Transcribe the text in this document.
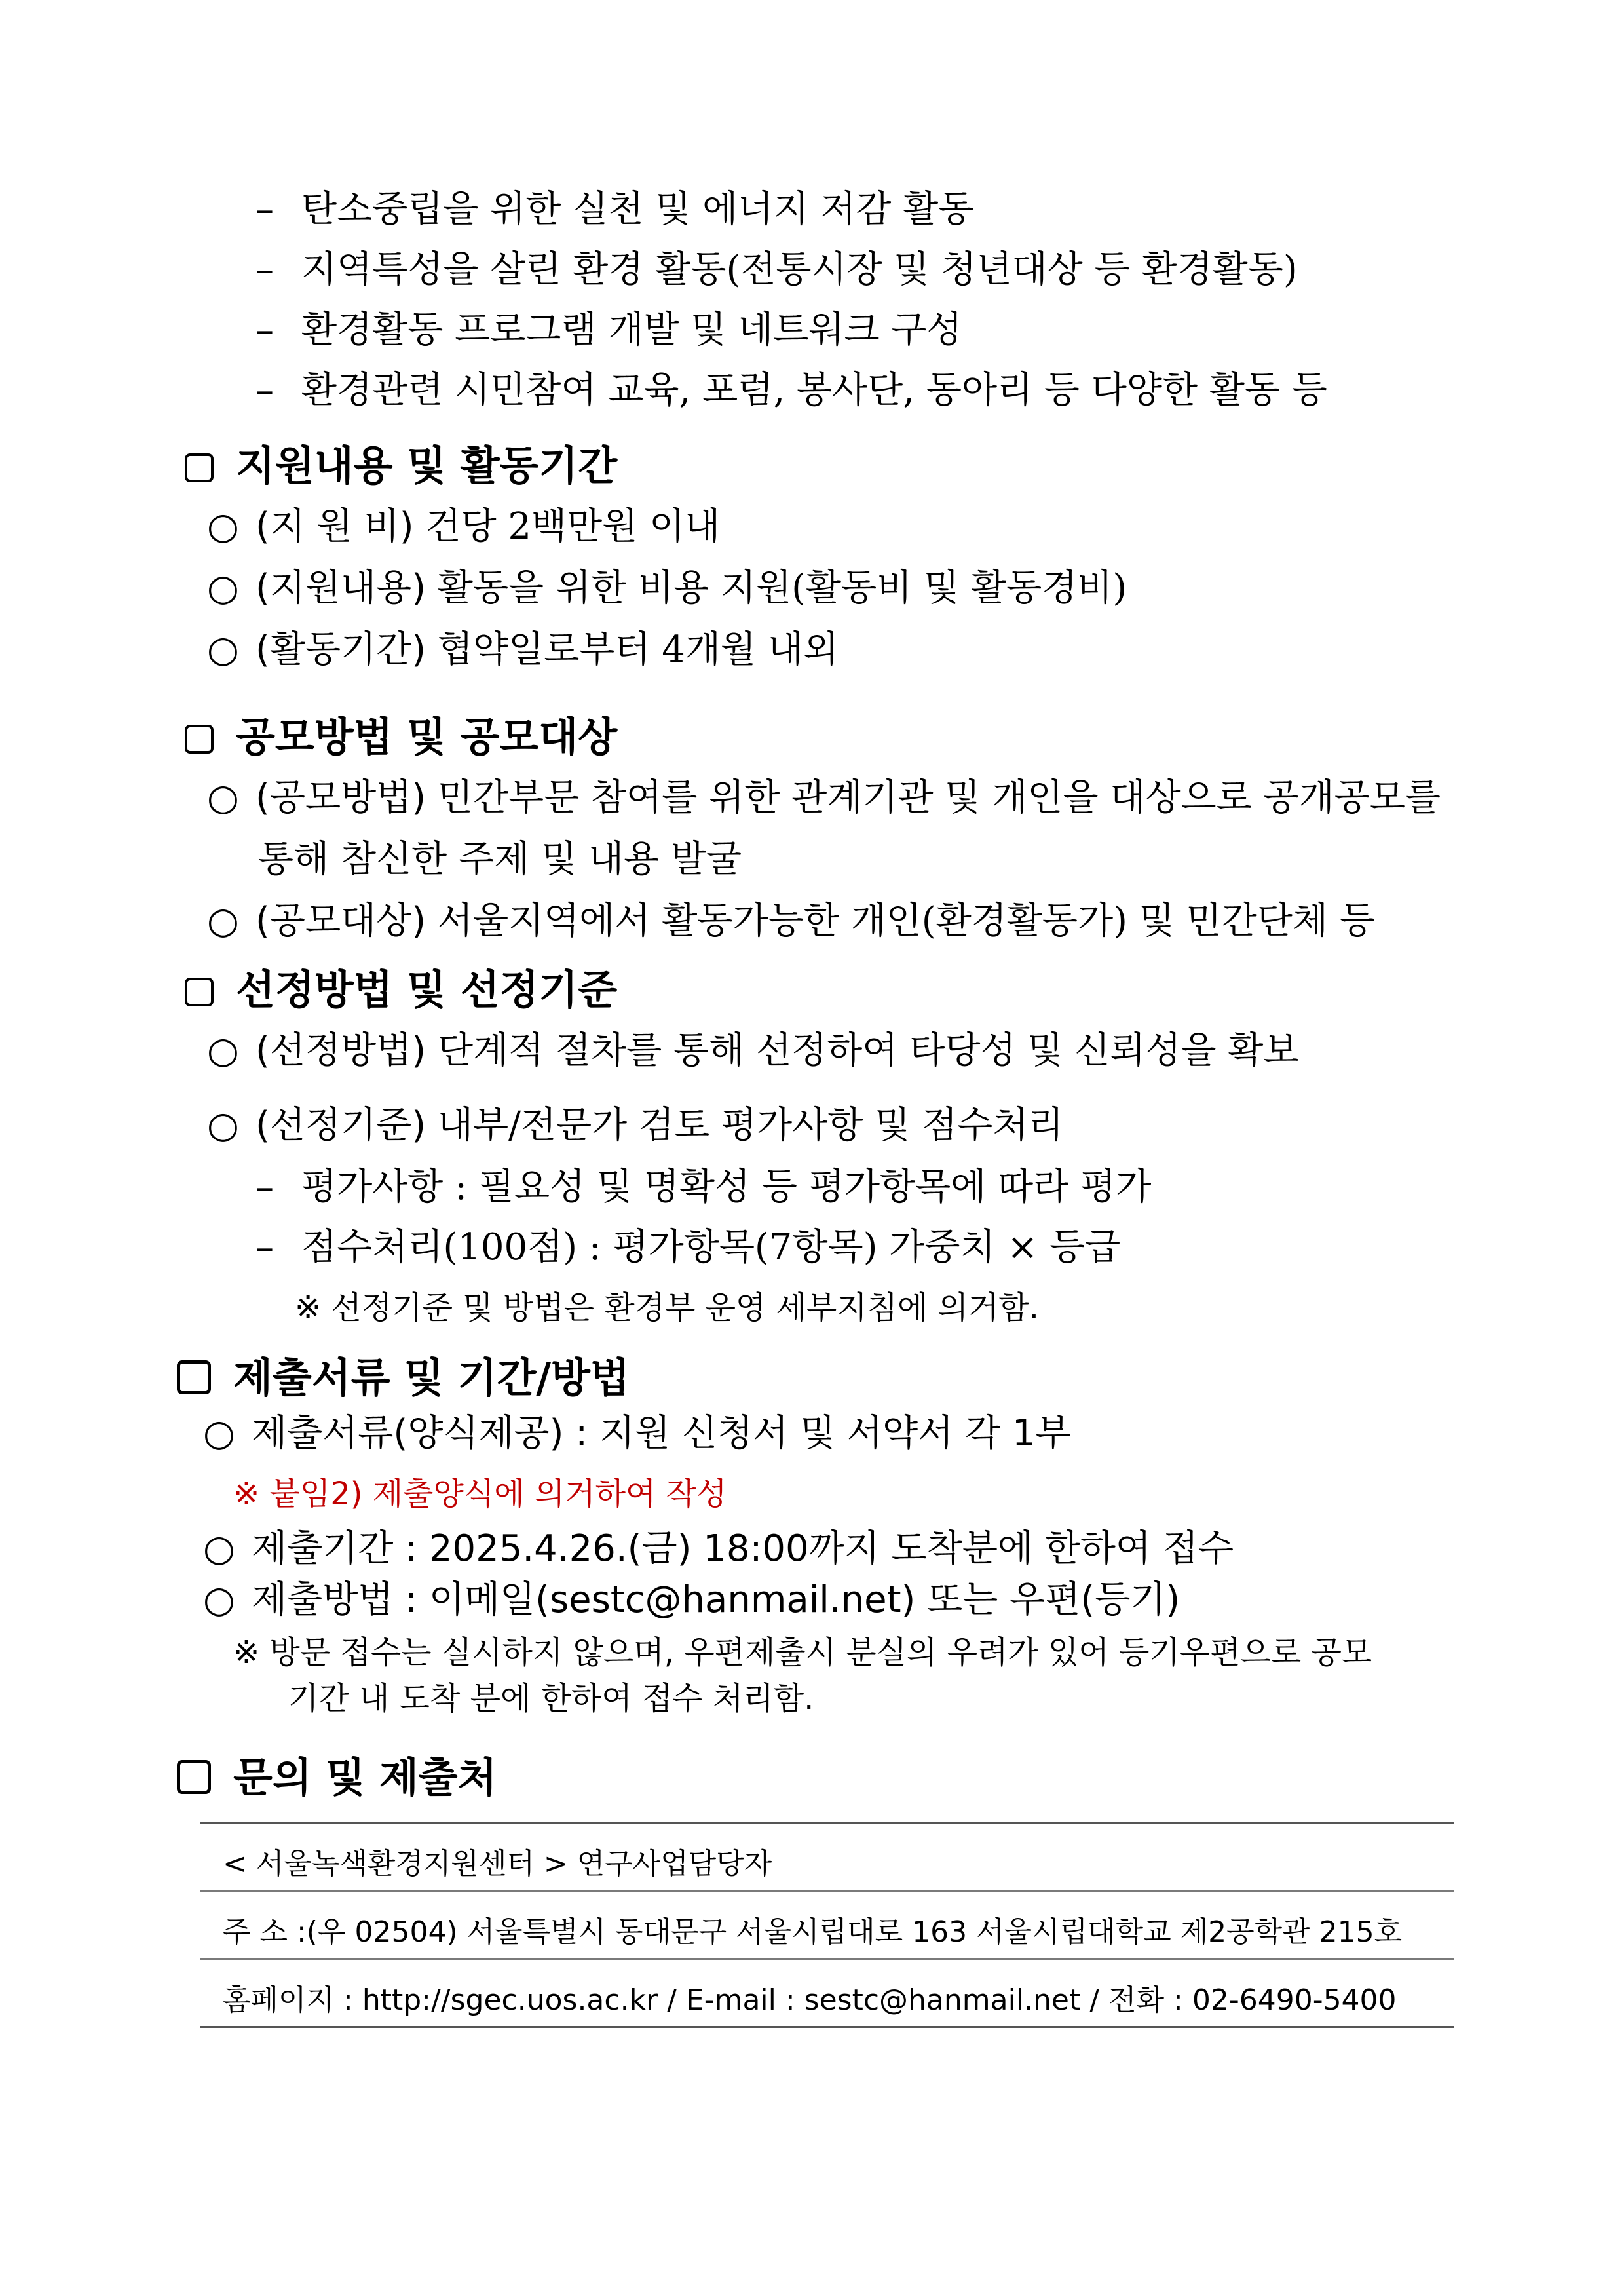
– 탄소중립을 위한 실천 및 에너지 저감 활동
– 지역특성을 살린 환경 활동(전통시장 및 청년대상 등 환경활동)
– 환경활동 프로그램 개발 및 네트워크 구성
– 환경관련 시민참여 교육, 포럼, 봉사단, 동아리 등 다양한 활동 등
지원내용 및 활동기간
○ (지 원 비) 건당 2백만원 이내
○ (지원내용) 활동을 위한 비용 지원(활동비 및 활동경비)
○ (활동기간) 협약일로부터 4개월 내외
공모방법 및 공모대상
○ (공모방법) 민간부문 참여를 위한 관계기관 및 개인을 대상으로 공개공모를
통해 참신한 주제 및 내용 발굴
○ (공모대상) 서울지역에서 활동가능한 개인(환경활동가) 및 민간단체 등
선정방법 및 선정기준
○ (선정방법) 단계적 절차를 통해 선정하여 타당성 및 신뢰성을 확보
○ (선정기준) 내부/전문가 검토 평가사항 및 점수처리
– 평가사항 : 필요성 및 명확성 등 평가항목에 따라 평가
– 점수처리(100점) : 평가항목(7항목) 가중치 × 등급
※ 선정기준 및 방법은 환경부 운영 세부지침에 의거함.
제출서류 및 기간/방법
○ 제출서류(양식제공) : 지원 신청서 및 서약서 각 1부
※ 붙임2) 제출양식에 의거하여 작성
○ 제출기간 : 2025.4.26.(금) 18:00까지 도착분에 한하여 접수
○ 제출방법 : 이메일(sestc@hanmail.net) 또는 우편(등기)
※ 방문 접수는 실시하지 않으며, 우편제출시 분실의 우려가 있어 등기우편으로 공모
기간 내 도착 분에 한하여 접수 처리함.
문의 및 제출처
< 서울녹색환경지원센터 > 연구사업담당자
주 소 :(우 02504) 서울특별시 동대문구 서울시립대로 163 서울시립대학교 제2공학관 215호
홈페이지 : http://sgec.uos.ac.kr / E-mail : sestc@hanmail.net / 전화 : 02-6490-5400
